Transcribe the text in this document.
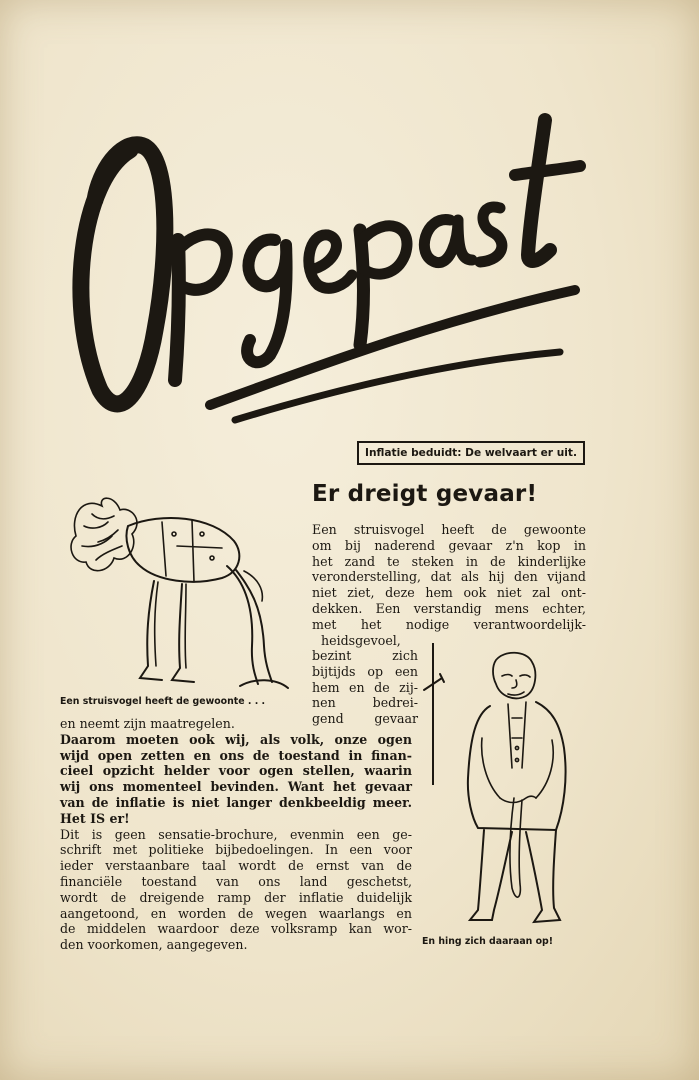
Inflatie beduidt: De welvaart er uit.
Er dreigt gevaar!
Een struisvogel heeft de gewoonte
om bij naderend gevaar z'n kop in
het zand te steken in de kinderlijke
veronderstelling, dat als hij den vijand
niet ziet, deze hem ook niet zal ont-
dekken. Een verstandig mens echter,
met het nodige verantwoordelijk-
heidsgevoel,
bezint zich
bijtijds op een
hem en de zij-
nen bedrei-
gend gevaar
Een struisvogel heeft de gewoonte . . .
En hing zich daaraan op!
en neemt zijn maatregelen.
Daarom moeten ook wij, als volk, onze ogen
wijd open zetten en ons de toestand in finan-
cieel opzicht helder voor ogen stellen, waarin
wij ons momenteel bevinden. Want het gevaar
van de inflatie is niet langer denkbeeldig meer.
Het IS er!
Dit is geen sensatie-brochure, evenmin een ge-
schrift met politieke bijbedoelingen. In een voor
ieder verstaanbare taal wordt de ernst van de
financiële toestand van ons land geschetst,
wordt de dreigende ramp der inflatie duidelijk
aangetoond, en worden de wegen waarlangs en
de middelen waardoor deze volksramp kan wor-
den voorkomen, aangegeven.
